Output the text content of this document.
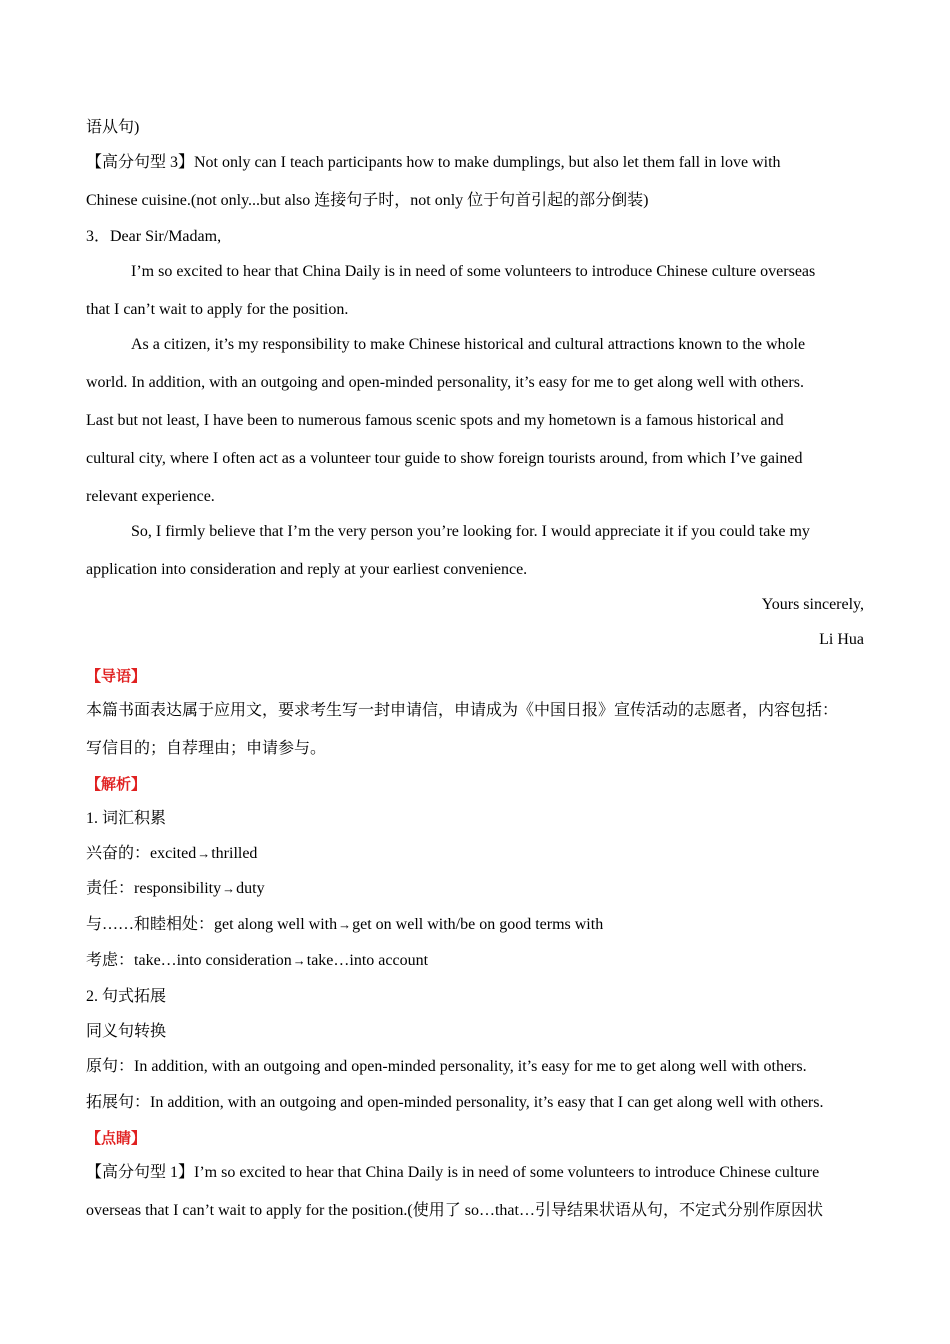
语从句)
【高分句型 3】Not only can I teach participants how to make dumplings, but also let them fall in love with
Chinese cuisine.(not only...but also 连接句子时，not only 位于句首引起的部分倒装)
3．Dear Sir/Madam,
I’m so excited to hear that China Daily is in need of some volunteers to introduce Chinese culture overseas
that I can’t wait to apply for the position.
As a citizen, it’s my responsibility to make Chinese historical and cultural attractions known to the whole
world. In addition, with an outgoing and open-minded personality, it’s easy for me to get along well with others.
Last but not least, I have been to numerous famous scenic spots and my hometown is a famous historical and
cultural city, where I often act as a volunteer tour guide to show foreign tourists around, from which I’ve gained
relevant experience.
So, I firmly believe that I’m the very person you’re looking for. I would appreciate it if you could take my
application into consideration and reply at your earliest convenience.
Yours sincerely,
Li Hua
【导语】
本篇书面表达属于应用文，要求考生写一封申请信，申请成为《中国日报》宣传活动的志愿者，内容包括：
写信目的；自荐理由；申请参与。
【解析】
1. 词汇积累
兴奋的：excited→thrilled
责任：responsibility→duty
与……和睦相处：get along well with→get on well with/be on good terms with
考虑：take…into consideration→take…into account
2. 句式拓展
同义句转换
原句：In addition, with an outgoing and open-minded personality, it’s easy for me to get along well with others.
拓展句：In addition, with an outgoing and open-minded personality, it’s easy that I can get along well with others.
【点睛】
【高分句型 1】I’m so excited to hear that China Daily is in need of some volunteers to introduce Chinese culture
overseas that I can’t wait to apply for the position.(使用了 so…that…引导结果状语从句，不定式分别作原因状
